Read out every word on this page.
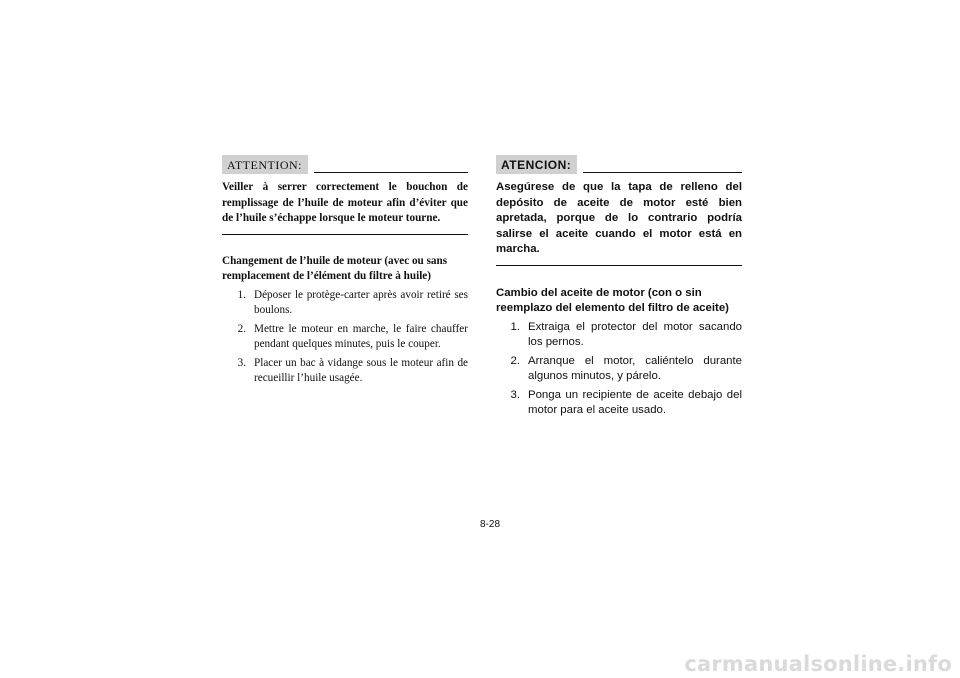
ATTENTION:

Veiller à serrer correctement le bouchon de remplissage de l’huile de moteur afin d’éviter que de l’huile s’échappe lorsque le moteur tourne.

Changement de l’huile de moteur (avec ou sans remplacement de l’élément du filtre à huile)
1. Déposer le protège-carter après avoir retiré ses boulons.
2. Mettre le moteur en marche, le faire chauffer pendant quelques minutes, puis le couper.
3. Placer un bac à vidange sous le moteur afin de recueillir l’huile usagée.
ATENCION:

Asegúrese de que la tapa de relleno del depósito de aceite de motor esté bien apretada, porque de lo contrario podría salirse el aceite cuando el motor está en marcha.

Cambio del aceite de motor (con o sin reemplazo del elemento del filtro de aceite)
1. Extraiga el protector del motor sacando los pernos.
2. Arranque el motor, caliéntelo durante algunos minutos, y párelo.
3. Ponga un recipiente de aceite debajo del motor para el aceite usado.
8-28
carmanualsonline.info
